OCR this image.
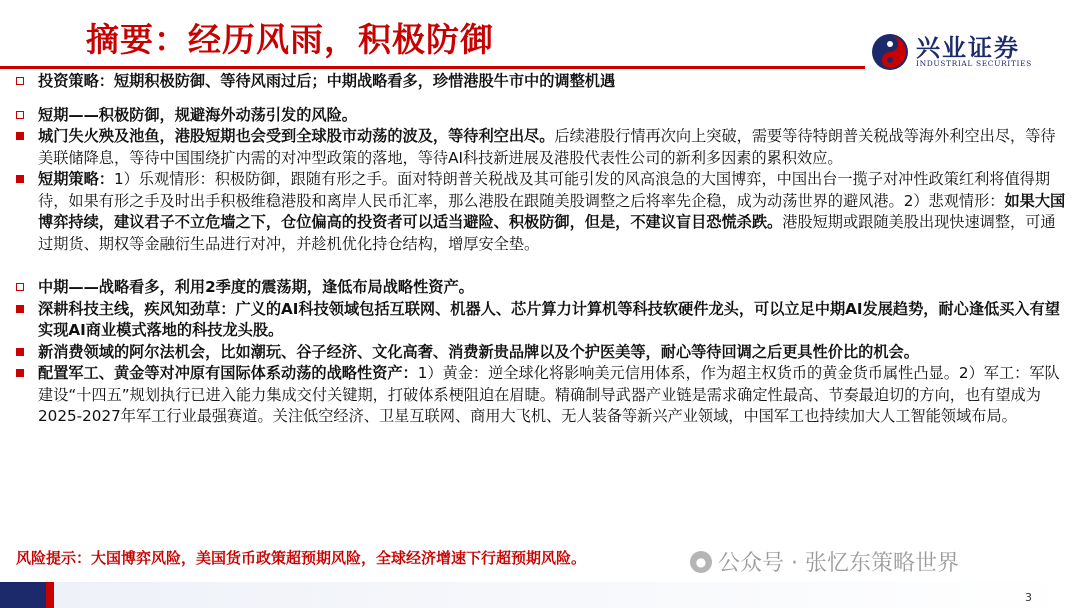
摘要：经历风雨，积极防御	兴业证券
INDUSTRIAL SECURITIES
投资策略：短期积极防御、等待风雨过后；中期战略看多，珍惜港股牛市中的调整机遇
短期——积极防御，规避海外动荡引发的风险。
城门失火殃及池鱼，港股短期也会受到全球股市动荡的波及，等待利空出尽。后续港股行情再次向上突破，需要等待特朗普关税战等海外利空出尽，等待美联储降息，等待中国围绕扩内需的对冲型政策的落地，等待AI科技新进展及港股代表性公司的新利多因素的累积效应。
短期策略：1）乐观情形：积极防御，跟随有形之手。面对特朗普关税战及其可能引发的风高浪急的大国博弈，中国出台一揽子对冲性政策红利将值得期待，如果有形之手及时出手积极维稳港股和离岸人民币汇率，那么港股在跟随美股调整之后将率先企稳，成为动荡世界的避风港。2）悲观情形：如果大国博弈持续，建议君子不立危墙之下，仓位偏高的投资者可以适当避险、积极防御，但是，不建议盲目恐慌杀跌。港股短期或跟随美股出现快速调整，可通过期货、期权等金融衍生品进行对冲，并趁机优化持仓结构，增厚安全垫。
中期——战略看多，利用2季度的震荡期，逢低布局战略性资产。
深耕科技主线，疾风知劲草：广义的AI科技领域包括互联网、机器人、芯片算力计算机等科技软硬件龙头，可以立足中期AI发展趋势，耐心逢低买入有望实现AI商业模式落地的科技龙头股。
新消费领域的阿尔法机会，比如潮玩、谷子经济、文化高奢、消费新贵品牌以及个护医美等，耐心等待回调之后更具性价比的机会。
配置军工、黄金等对冲原有国际体系动荡的战略性资产：1）黄金：逆全球化将影响美元信用体系，作为超主权货币的黄金货币属性凸显。2）军工：军队建设“十四五”规划执行已进入能力集成交付关键期，打破体系梗阻迫在眉睫。精确制导武器产业链是需求确定性最高、节奏最迫切的方向，也有望成为2025-2027年军工行业最强赛道。关注低空经济、卫星互联网、商用大飞机、无人装备等新兴产业领域，中国军工也持续加大人工智能领域布局。
风险提示：大国博弈风险，美国货币政策超预期风险，全球经济增速下行超预期风险。	● 公众号 · 张忆东策略世界
3
